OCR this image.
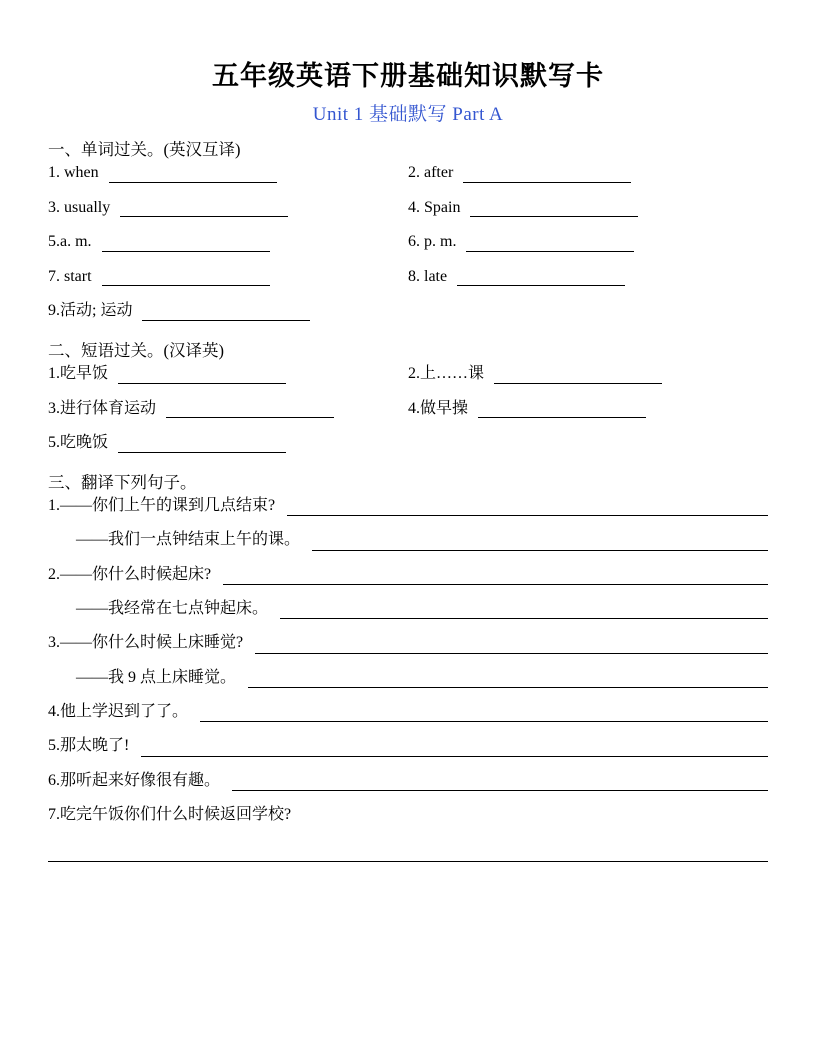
五年级英语下册基础知识默写卡
Unit 1 基础默写 Part A
一、单词过关。(英汉互译)
1. when	2. after
3. usually	4. Spain
5.a. m.	6. p. m.
7. start	8. late
9.活动; 运动
二、短语过关。(汉译英)
1.吃早饭	2.上……课
3.进行体育运动	4.做早操
5.吃晚饭
三、翻译下列句子。
1.——你们上午的课到几点结束?
——我们一点钟结束上午的课。
2.——你什么时候起床?
——我经常在七点钟起床。
3.——你什么时候上床睡觉?
——我 9 点上床睡觉。
4.他上学迟到了了。
5.那太晚了!
6.那听起来好像很有趣。
7.吃完午饭你们什么时候返回学校?
